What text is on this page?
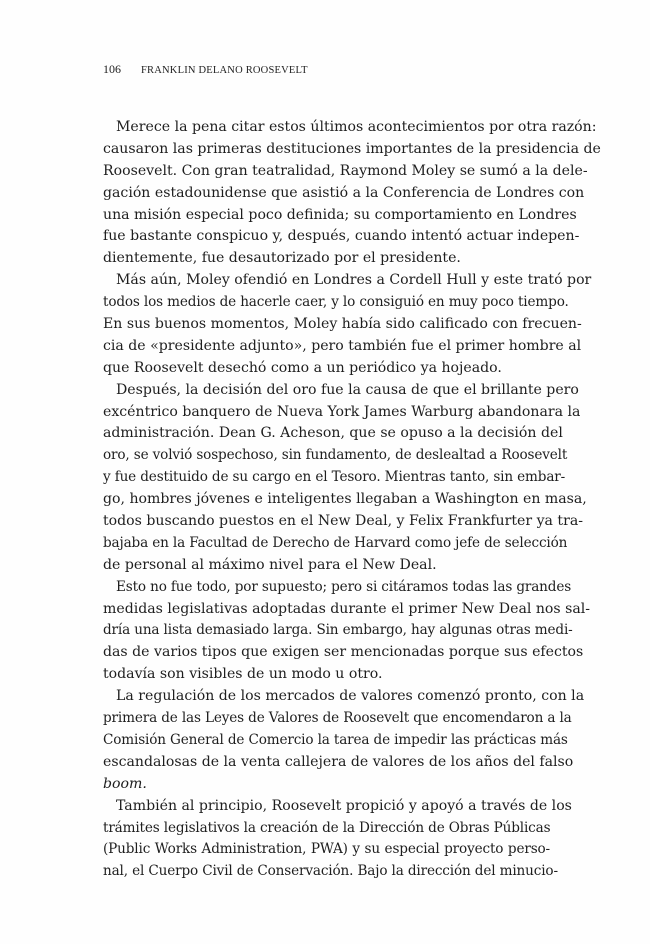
106 FRANKLIN DELANO ROOSEVELT
Merece la pena citar estos últimos acontecimientos por otra razón:
causaron las primeras destituciones importantes de la presidencia de
Roosevelt. Con gran teatralidad, Raymond Moley se sumó a la dele-
gación estadounidense que asistió a la Conferencia de Londres con
una misión especial poco definida; su comportamiento en Londres
fue bastante conspicuo y, después, cuando intentó actuar indepen-
dientemente, fue desautorizado por el presidente.
Más aún, Moley ofendió en Londres a Cordell Hull y este trató por
todos los medios de hacerle caer, y lo consiguió en muy poco tiempo.
En sus buenos momentos, Moley había sido calificado con frecuen-
cia de «presidente adjunto», pero también fue el primer hombre al
que Roosevelt desechó como a un periódico ya hojeado.
Después, la decisión del oro fue la causa de que el brillante pero
excéntrico banquero de Nueva York James Warburg abandonara la
administración. Dean G. Acheson, que se opuso a la decisión del
oro, se volvió sospechoso, sin fundamento, de deslealtad a Roosevelt
y fue destituido de su cargo en el Tesoro. Mientras tanto, sin embar-
go, hombres jóvenes e inteligentes llegaban a Washington en masa,
todos buscando puestos en el New Deal, y Felix Frankfurter ya tra-
bajaba en la Facultad de Derecho de Harvard como jefe de selección
de personal al máximo nivel para el New Deal.
Esto no fue todo, por supuesto; pero si citáramos todas las grandes
medidas legislativas adoptadas durante el primer New Deal nos sal-
dría una lista demasiado larga. Sin embargo, hay algunas otras medi-
das de varios tipos que exigen ser mencionadas porque sus efectos
todavía son visibles de un modo u otro.
La regulación de los mercados de valores comenzó pronto, con la
primera de las Leyes de Valores de Roosevelt que encomendaron a la
Comisión General de Comercio la tarea de impedir las prácticas más
escandalosas de la venta callejera de valores de los años del falso
boom.
También al principio, Roosevelt propició y apoyó a través de los
trámites legislativos la creación de la Dirección de Obras Públicas
(Public Works Administration, PWA) y su especial proyecto perso-
nal, el Cuerpo Civil de Conservación. Bajo la dirección del minucio-
